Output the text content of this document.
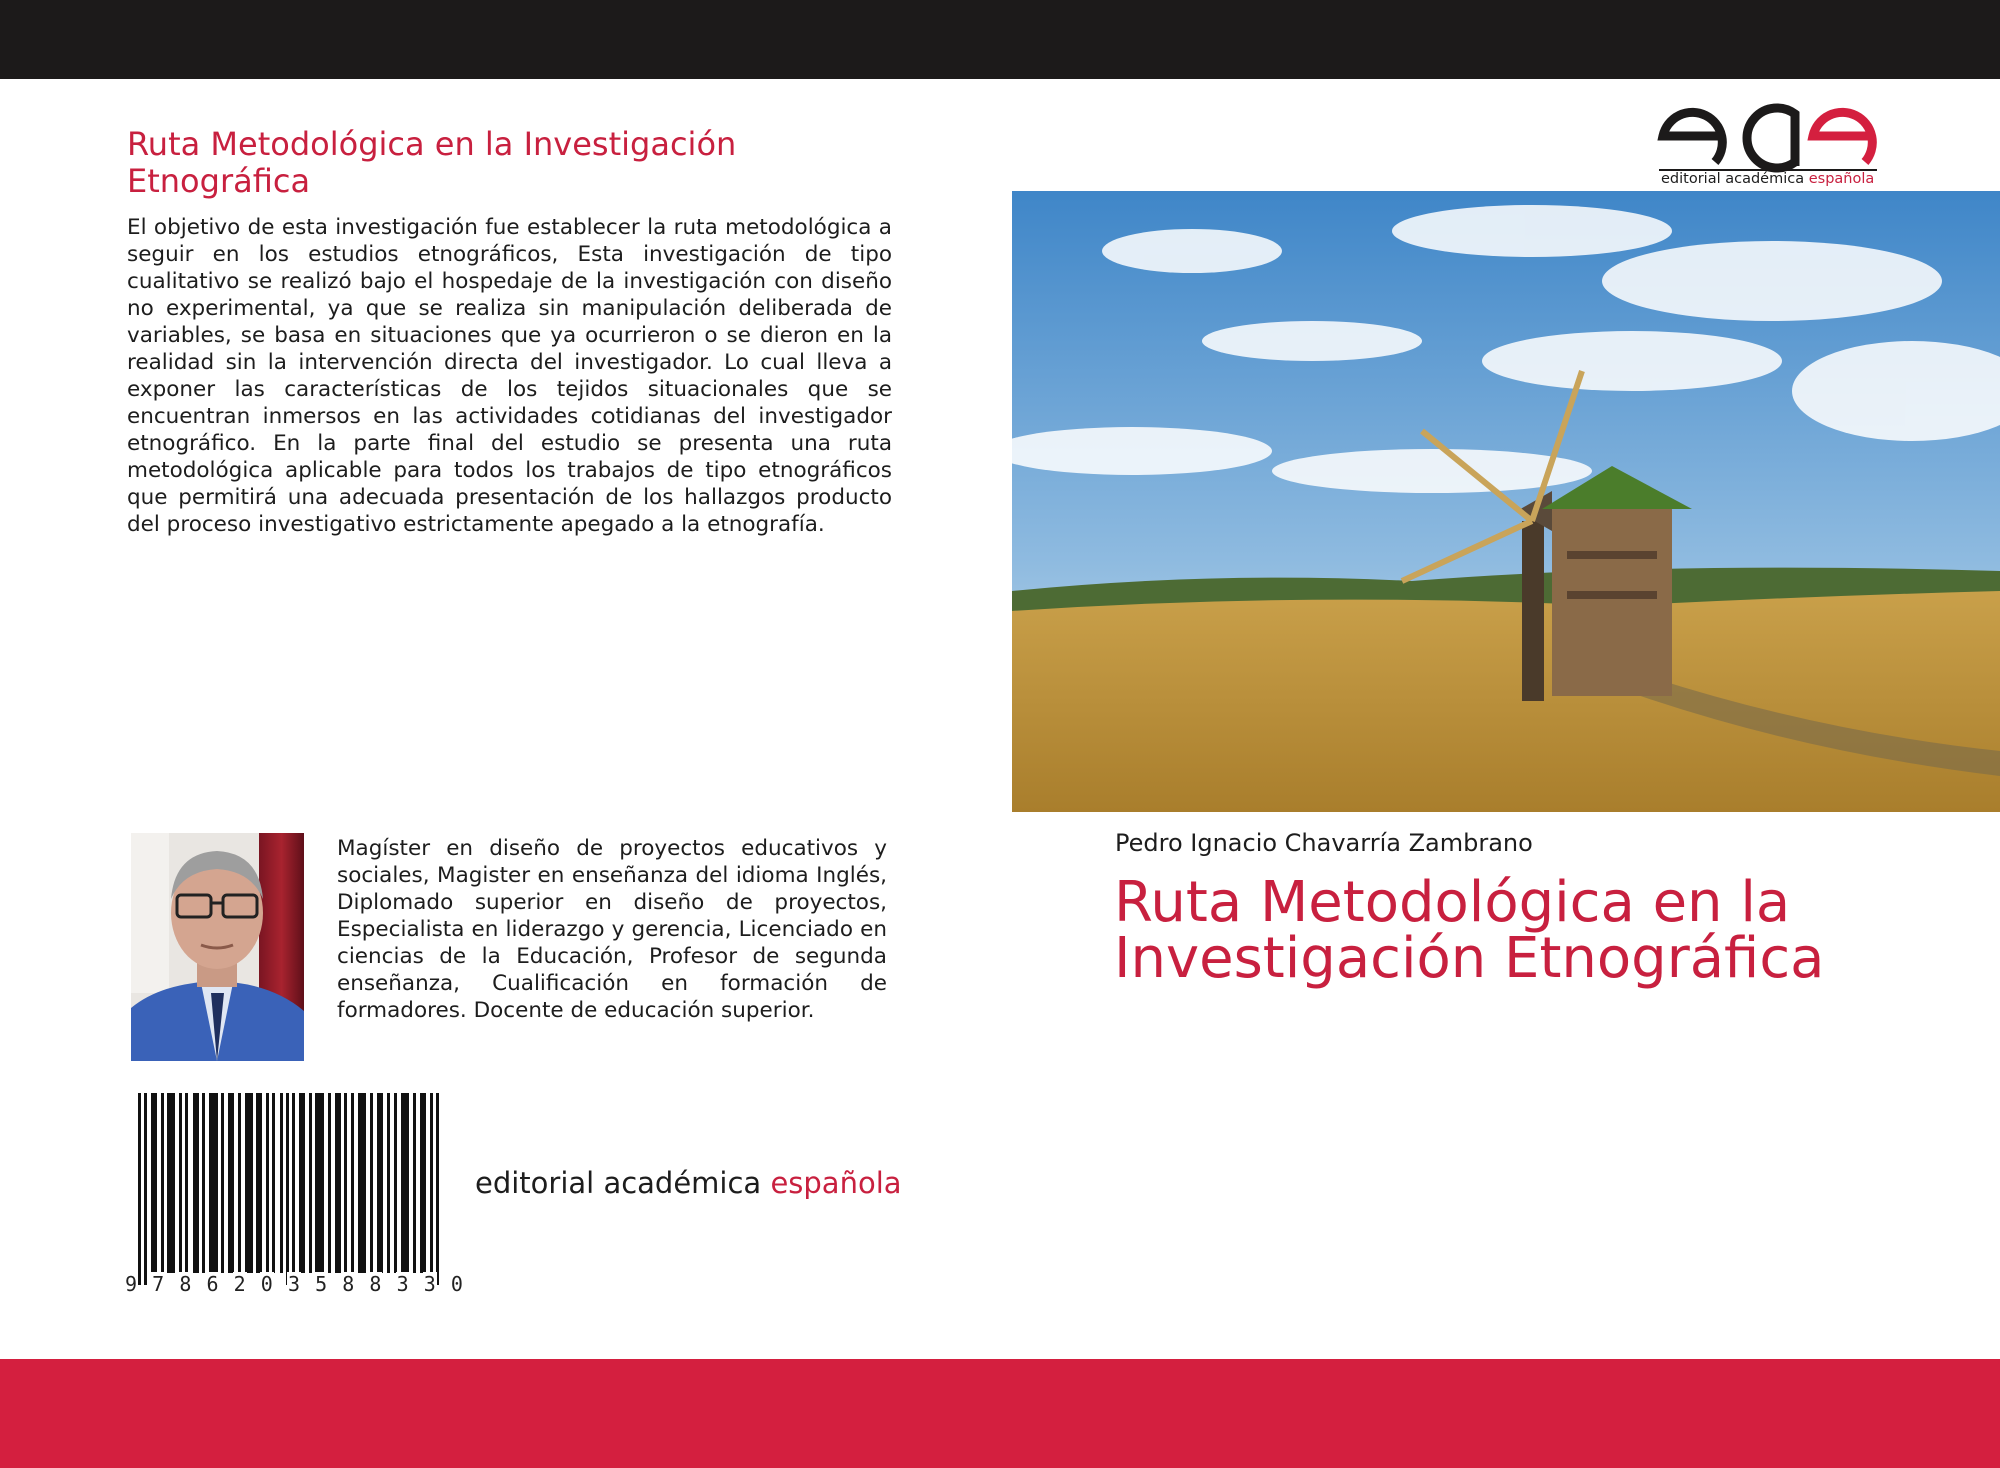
Ruta Metodológica en la Investigación Etnográfica

El objetivo de esta investigación fue establecer la ruta metodológica a seguir en los estudios etnográficos, Esta investigación de tipo cualitativo se realizó bajo el hospedaje de la investigación con diseño no experimental, ya que se realiza sin manipulación deliberada de variables, se basa en situaciones que ya ocurrieron o se dieron en la realidad sin la intervención directa del investigador. Lo cual lleva a exponer las características de los tejidos situacionales que se encuentran inmersos en las actividades cotidianas del investigador etnográfico. En la parte final del estudio se presenta una ruta metodológica aplicable para todos los trabajos de tipo etnográficos que permitirá una adecuada presentación de los hallazgos producto del proceso investigativo estrictamente apegado a la etnografía.

Magíster en diseño de proyectos educativos y sociales, Magister en enseñanza del idioma Inglés, Diplomado superior en diseño de proyectos, Especialista en liderazgo y gerencia, Licenciado en ciencias de la Educación, Profesor de segunda enseñanza, Cualificación en formación de formadores. Docente de educación superior.

9 7 8 6 2 0 3 5 8 8 3 3 0
editorial académica española
editorial académica española
Pedro Ignacio Chavarría Zambrano
Ruta Metodológica en la Investigación Etnográfica
